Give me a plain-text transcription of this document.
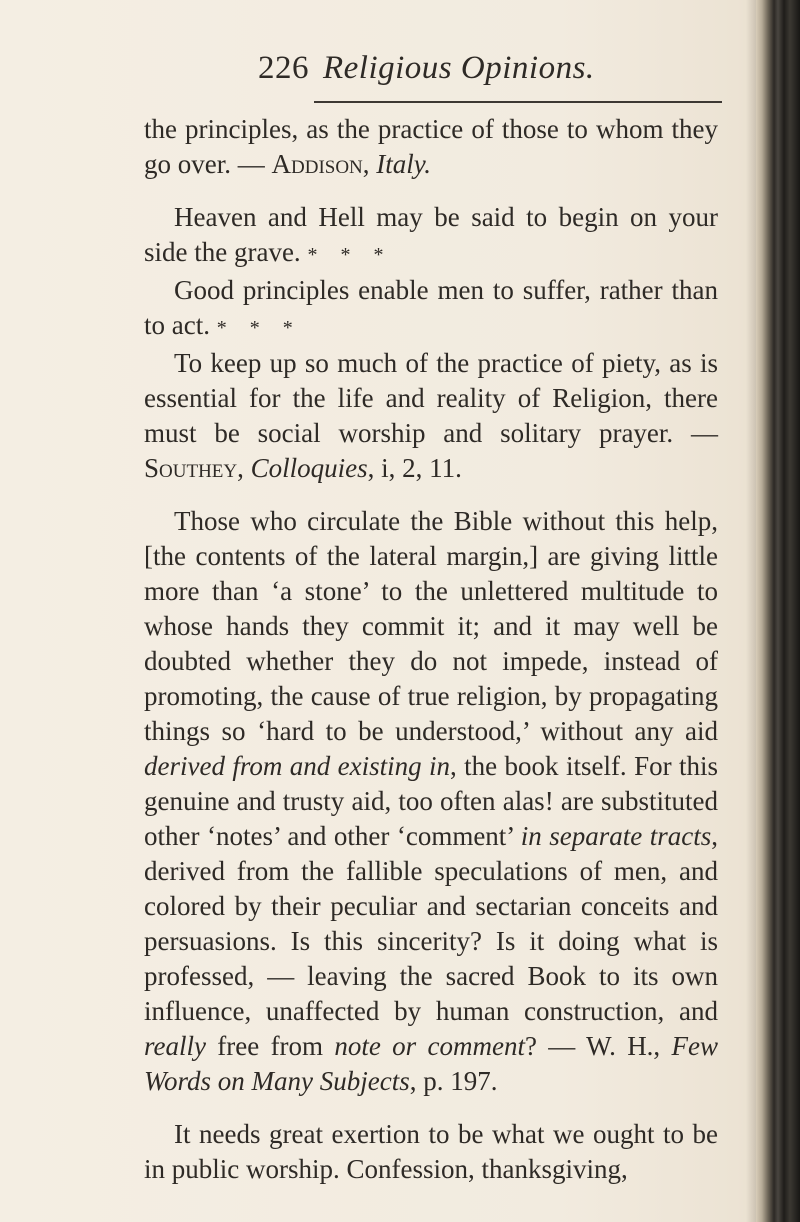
226 Religious Opinions.

the principles, as the practice of those to whom they go over. — Addison, Italy.

Heaven and Hell may be said to begin on your side the grave. * * *

Good principles enable men to suffer, rather than to act. * * *

To keep up so much of the practice of piety, as is essential for the life and reality of Religion, there must be social worship and solitary prayer. — Southey, Colloquies, i, 2, 11.

Those who circulate the Bible without this help, [the contents of the lateral margin,] are giving little more than ‘a stone’ to the unlettered multitude to whose hands they commit it; and it may well be doubted whether they do not impede, instead of promoting, the cause of true religion, by propagating things so ‘hard to be understood,’ without any aid derived from and existing in, the book itself. For this genuine and trusty aid, too often alas! are substituted other ‘notes’ and other ‘comment’ in separate tracts, derived from the fallible speculations of men, and colored by their peculiar and sectarian conceits and persuasions. Is this sincerity? Is it doing what is professed, — leaving the sacred Book to its own influence, unaffected by human construction, and really free from note or comment? — W. H., Few Words on Many Subjects, p. 197.

It needs great exertion to be what we ought to be in public worship. Confession, thanksgiving,
